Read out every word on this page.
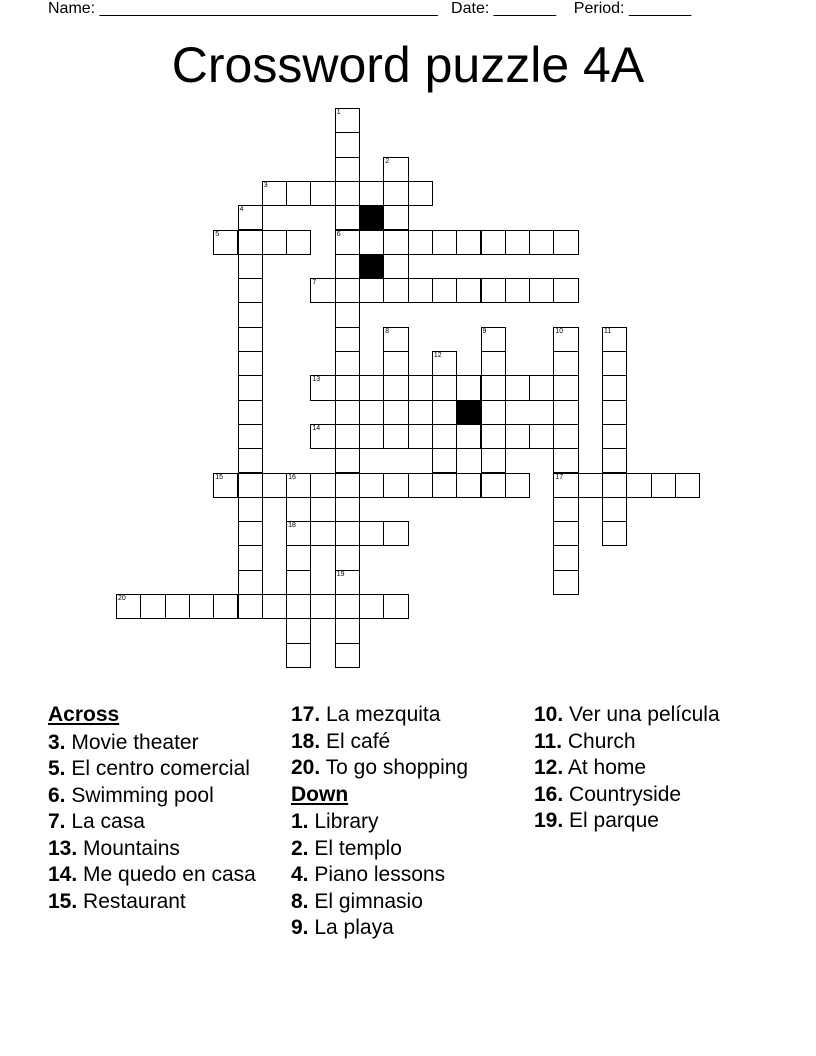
Name: ______________________________________   Date: _______    Period: _______
Crossword puzzle 4A
1
6
19
2
3
4
5
7
8	9	10
17
11
12
13
14
15	16
18
20
Across
3. Movie theater
5. El centro comercial
6. Swimming pool
7. La casa
13. Mountains
14. Me quedo en casa
15. Restaurant
17. La mezquita
18. El café
20. To go shopping
Down
1. Library
2. El templo
4. Piano lessons
8. El gimnasio
9. La playa
10. Ver una película
11. Church
12. At home
16. Countryside
19. El parque
